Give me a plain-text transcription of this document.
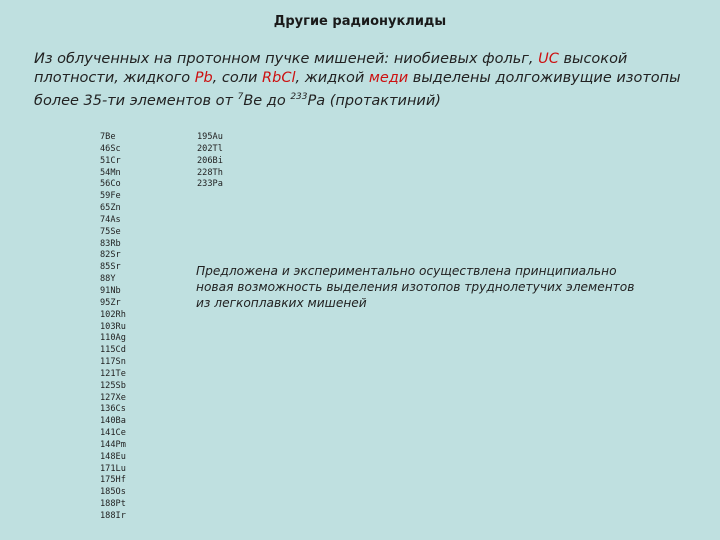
Другие радионуклиды
Из облученных на протонном пучке мишеней: ниобиевых фольг, UC высокой плотности, жидкого Pb, соли RbCl, жидкой меди выделены долгоживущие изотопы более 35-ти элементов от $^7$Be до $^{233}$Pa (протактиний)
7Be
46Sc
51Cr
54Mn
56Co
59Fe
65Zn
74As
75Se
83Rb
82Sr
85Sr
88Y
91Nb
95Zr
102Rh
103Ru
110Ag
115Cd
117Sn
121Te
125Sb
127Xe
136Cs
140Ba
141Ce
144Pm
148Eu
171Lu
175Hf
185Os
188Pt
188Ir
195Au
202Tl
206Bi
228Th
233Pa
Предложена и экспериментально осуществлена принципиально
новая возможность выделения изотопов труднолетучих элементов
из легкоплавких мишеней
